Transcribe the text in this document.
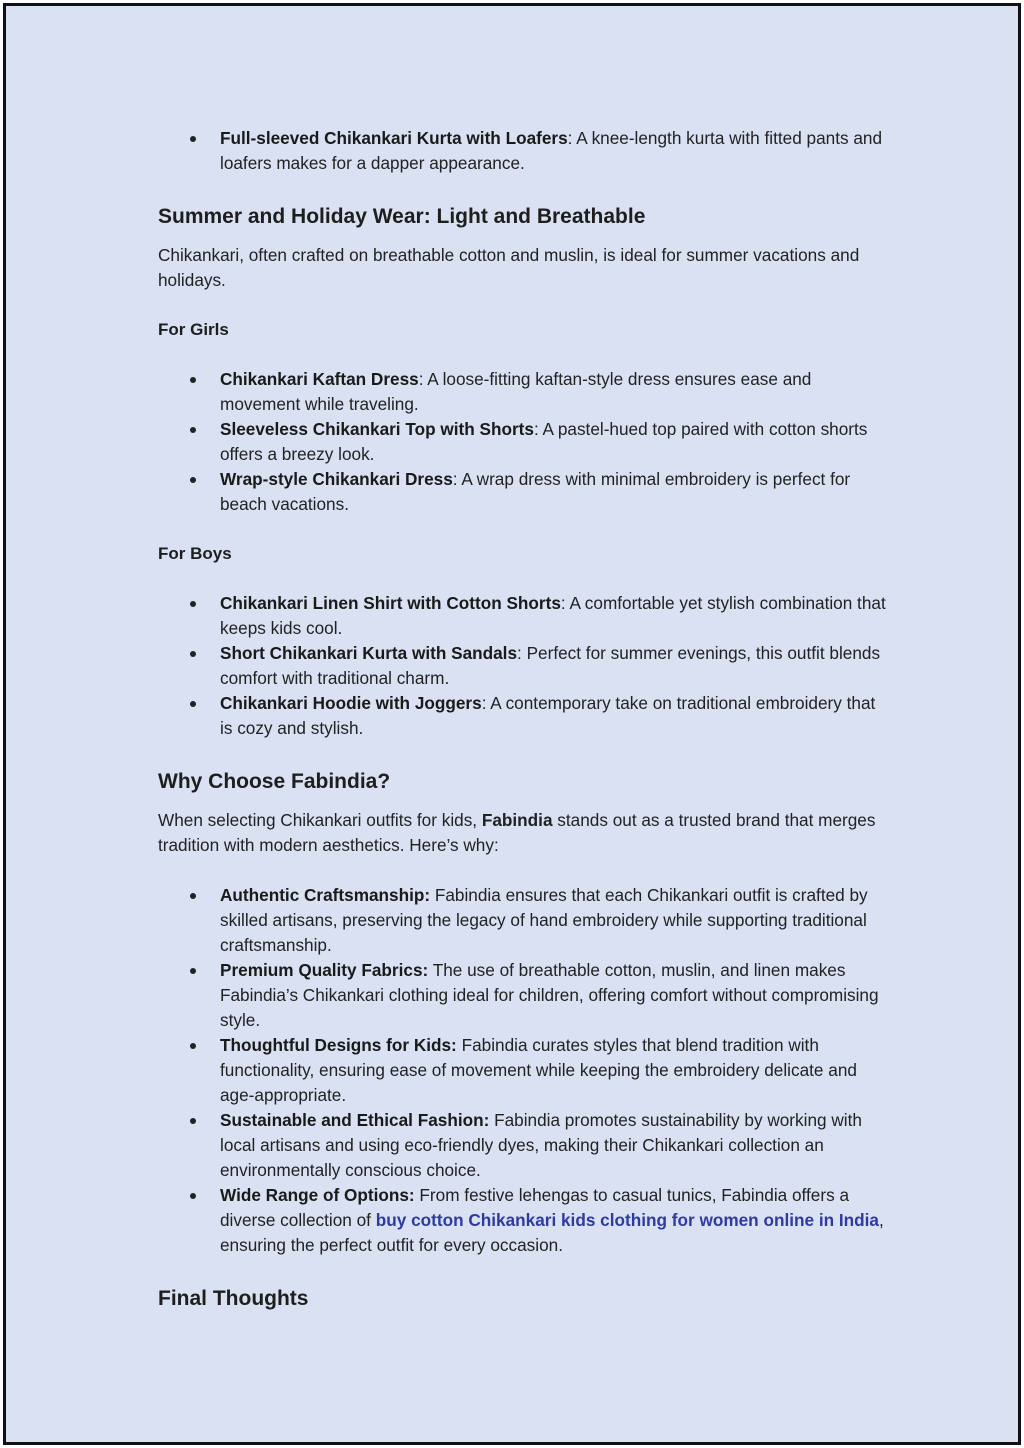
Full-sleeved Chikankari Kurta with Loafers: A knee-length kurta with fitted pants and loafers makes for a dapper appearance.
Summer and Holiday Wear: Light and Breathable

Chikankari, often crafted on breathable cotton and muslin, is ideal for summer vacations and holidays.

For Girls
Chikankari Kaftan Dress: A loose-fitting kaftan-style dress ensures ease and movement while traveling.
Sleeveless Chikankari Top with Shorts: A pastel-hued top paired with cotton shorts offers a breezy look.
Wrap-style Chikankari Dress: A wrap dress with minimal embroidery is perfect for beach vacations.
For Boys
Chikankari Linen Shirt with Cotton Shorts: A comfortable yet stylish combination that keeps kids cool.
Short Chikankari Kurta with Sandals: Perfect for summer evenings, this outfit blends comfort with traditional charm.
Chikankari Hoodie with Joggers: A contemporary take on traditional embroidery that is cozy and stylish.
Why Choose Fabindia?

When selecting Chikankari outfits for kids, Fabindia stands out as a trusted brand that merges tradition with modern aesthetics. Here’s why:

Authentic Craftsmanship: Fabindia ensures that each Chikankari outfit is crafted by skilled artisans, preserving the legacy of hand embroidery while supporting traditional craftsmanship.
Premium Quality Fabrics: The use of breathable cotton, muslin, and linen makes Fabindia’s Chikankari clothing ideal for children, offering comfort without compromising style.
Thoughtful Designs for Kids: Fabindia curates styles that blend tradition with functionality, ensuring ease of movement while keeping the embroidery delicate and age-appropriate.
Sustainable and Ethical Fashion: Fabindia promotes sustainability by working with local artisans and using eco-friendly dyes, making their Chikankari collection an environmentally conscious choice.
Wide Range of Options: From festive lehengas to casual tunics, Fabindia offers a diverse collection of buy cotton Chikankari kids clothing for women online in India, ensuring the perfect outfit for every occasion.
Final Thoughts
